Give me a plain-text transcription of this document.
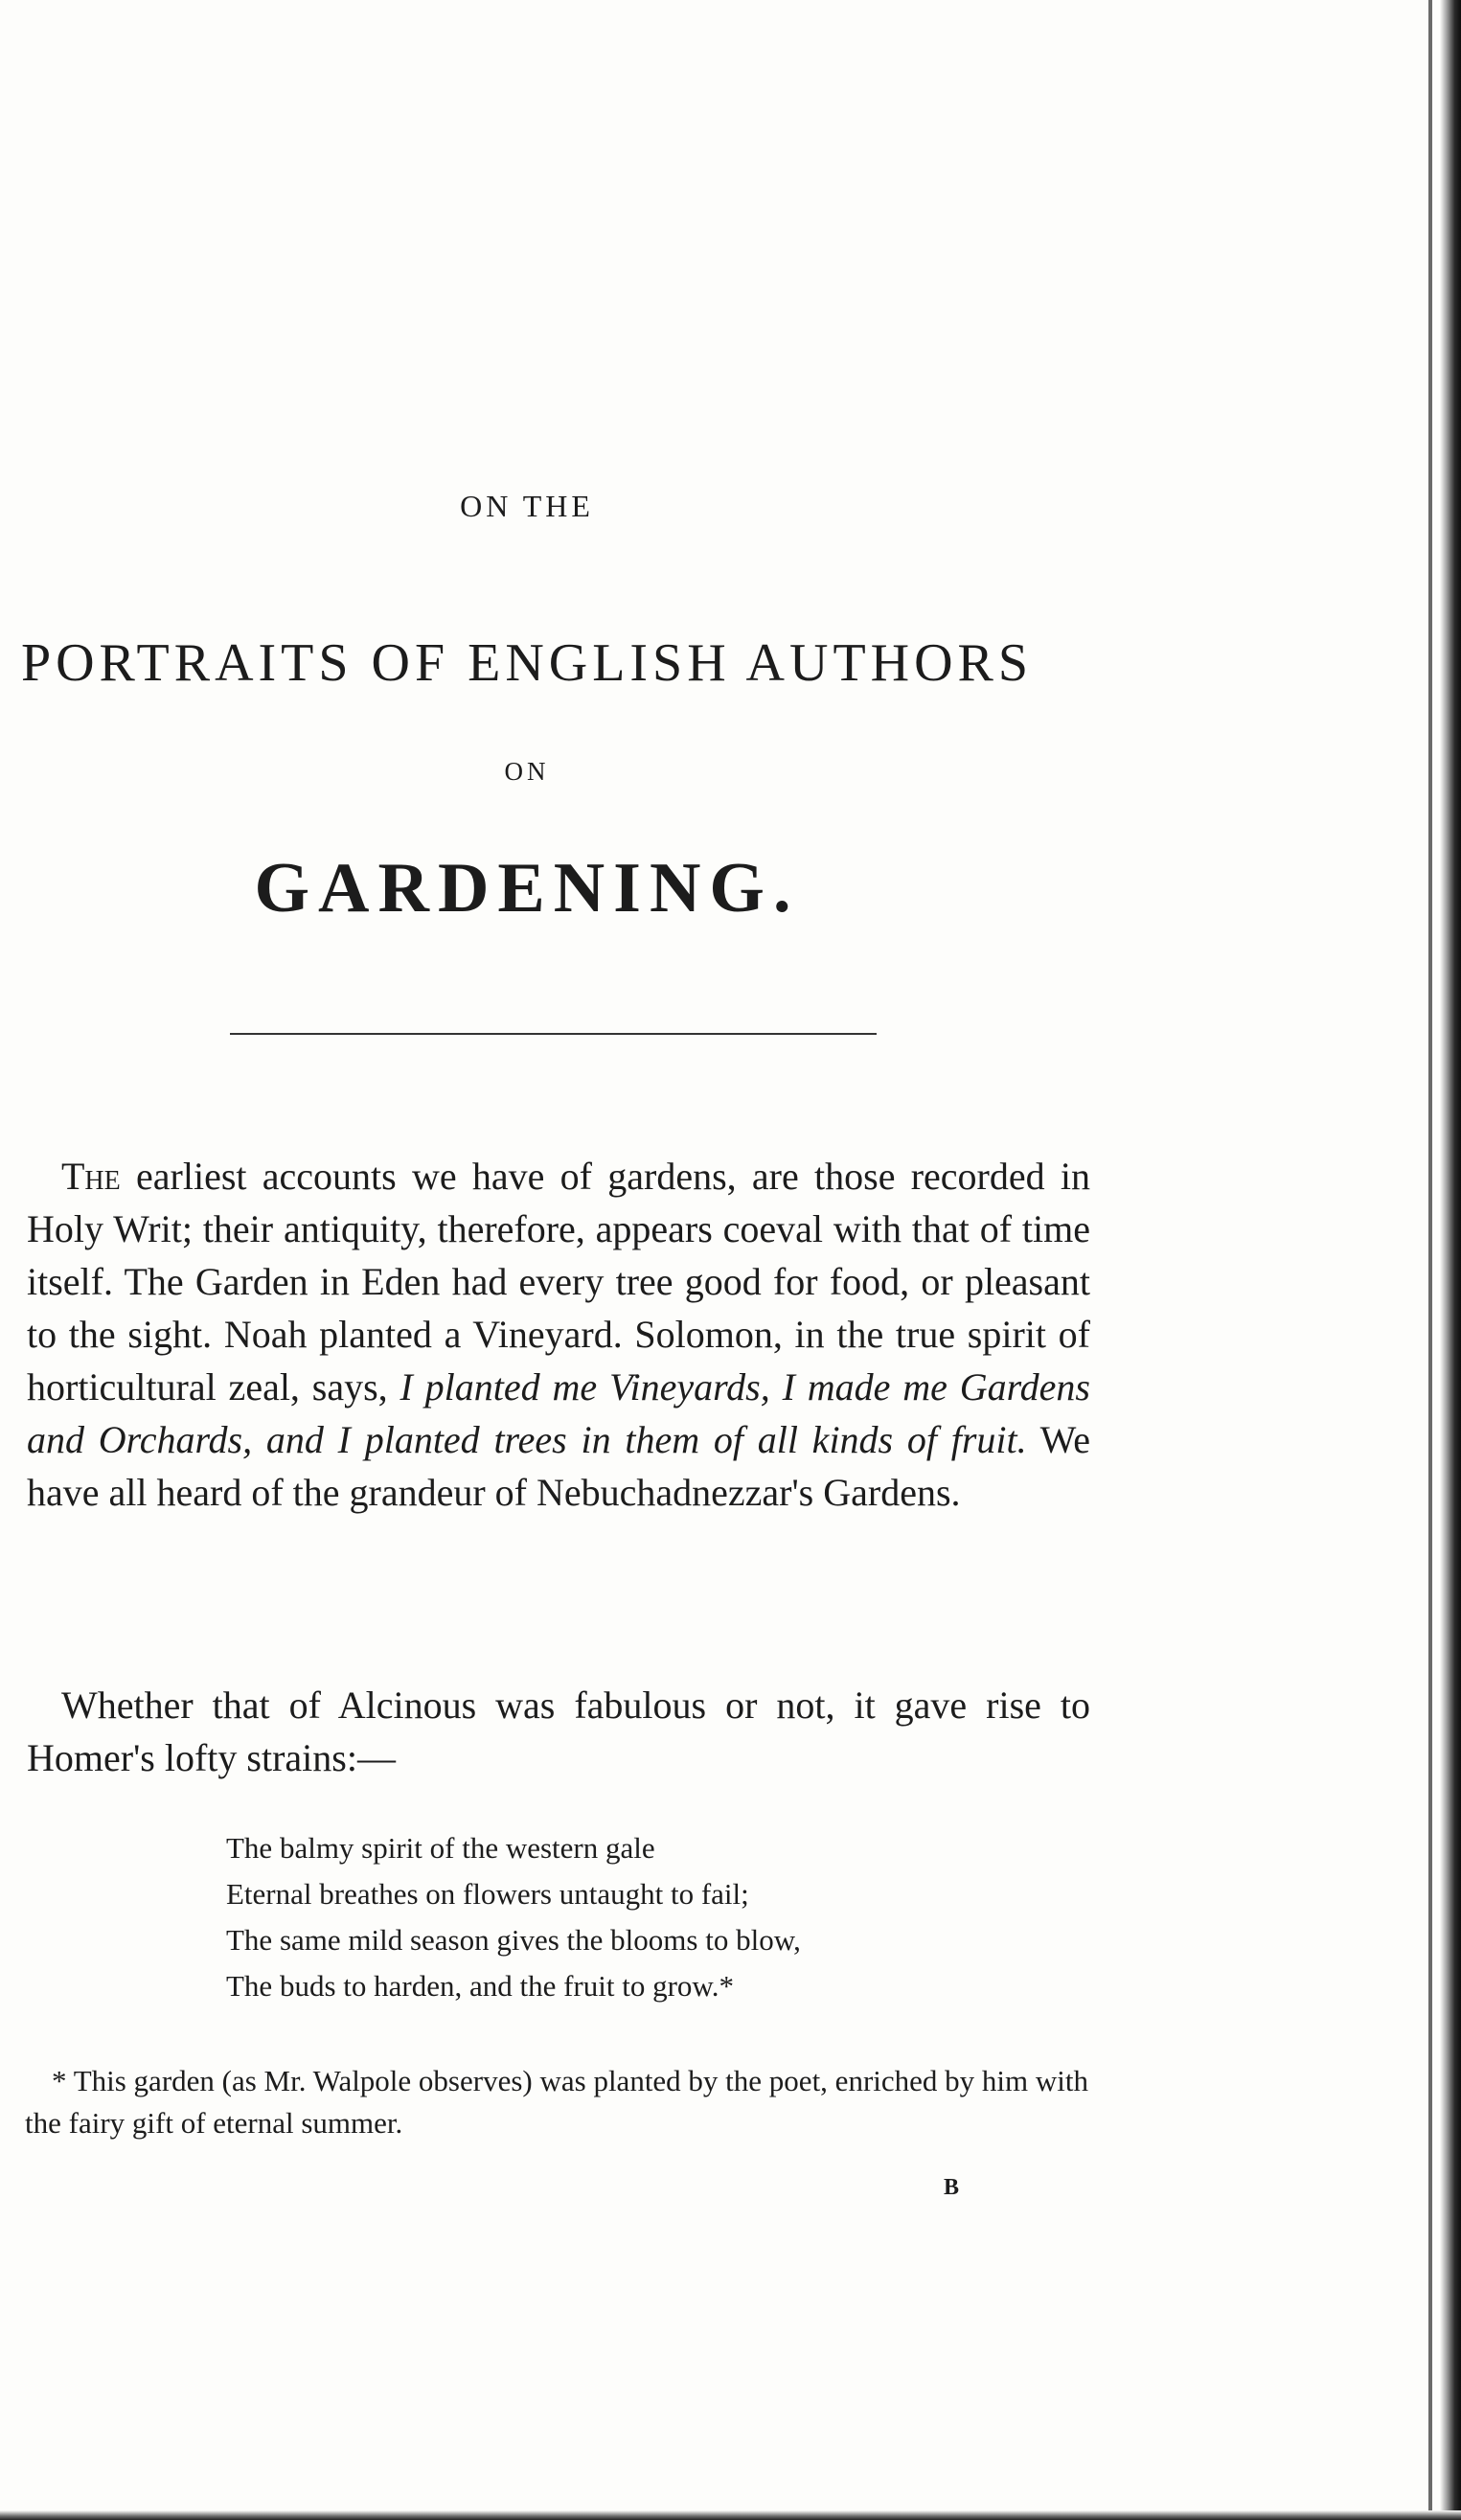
ON THE
PORTRAITS OF ENGLISH AUTHORS
ON
GARDENING.

The earliest accounts we have of gardens, are those recorded in Holy Writ; their antiquity, therefore, appears coeval with that of time itself. The Garden in Eden had every tree good for food, or pleasant to the sight. Noah planted a Vineyard. Solomon, in the true spirit of horticultural zeal, says, I planted me Vineyards, I made me Gardens and Orchards, and I planted trees in them of all kinds of fruit. We have all heard of the grandeur of Nebuchadnezzar's Gardens.

Whether that of Alcinous was fabulous or not, it gave rise to Homer's lofty strains:—

The balmy spirit of the western gale
Eternal breathes on flowers untaught to fail;
The same mild season gives the blooms to blow,
The buds to harden, and the fruit to grow.*

* This garden (as Mr. Walpole observes) was planted by the poet, enriched by him with the fairy gift of eternal summer.

B
